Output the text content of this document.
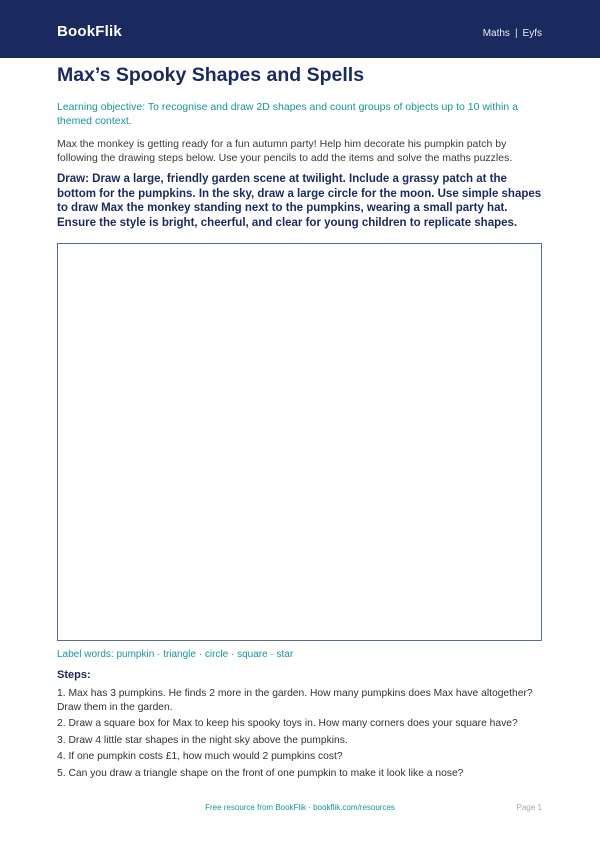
BookFlik	Maths | Eyfs
Max’s Spooky Shapes and Spells
Learning objective: To recognise and draw 2D shapes and count groups of objects up to 10 within a themed context.
Max the monkey is getting ready for a fun autumn party! Help him decorate his pumpkin patch by following the drawing steps below. Use your pencils to add the items and solve the maths puzzles.
Draw: Draw a large, friendly garden scene at twilight. Include a grassy patch at the bottom for the pumpkins. In the sky, draw a large circle for the moon. Use simple shapes to draw Max the monkey standing next to the pumpkins, wearing a small party hat. Ensure the style is bright, cheerful, and clear for young children to replicate shapes.
Label words: pumpkin · triangle · circle · square · star
Steps:
1. Max has 3 pumpkins. He finds 2 more in the garden. How many pumpkins does Max have altogether? Draw them in the garden.
2. Draw a square box for Max to keep his spooky toys in. How many corners does your square have?
3. Draw 4 little star shapes in the night sky above the pumpkins.
4. If one pumpkin costs £1, how much would 2 pumpkins cost?
5. Can you draw a triangle shape on the front of one pumpkin to make it look like a nose?
Free resource from BookFlik · bookflik.com/resources	Page 1
